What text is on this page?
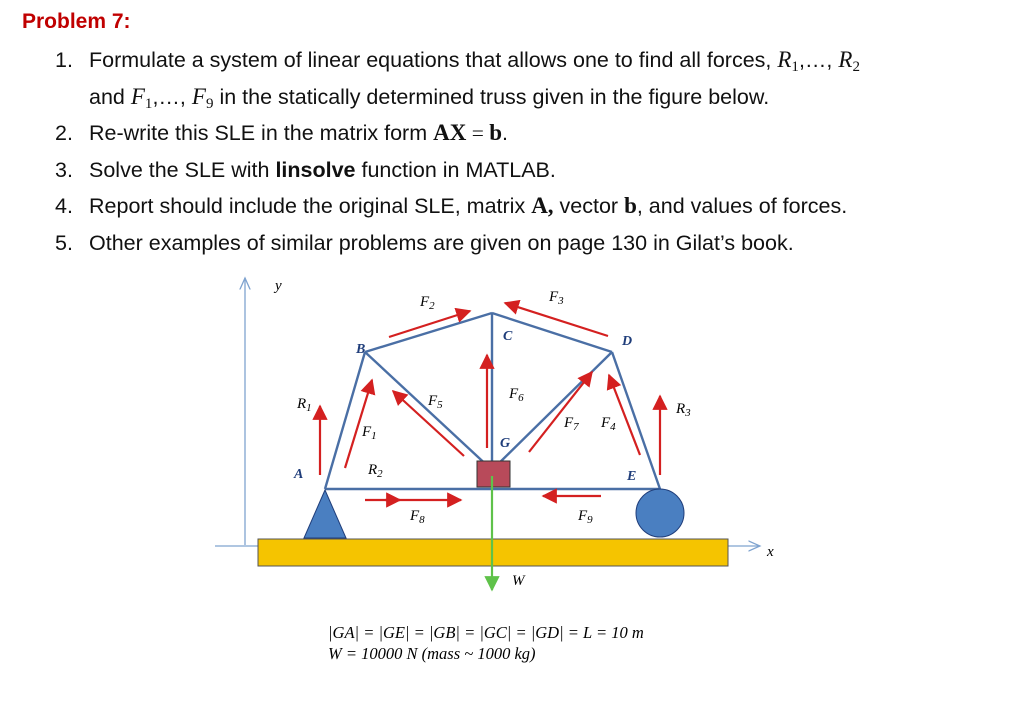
Problem 7:
1. Formulate a system of linear equations that allows one to find all forces, $R_1,\dots$, $R_2$
and $F_1,\dots$, $F_9$ in the statically determined truss given in the figure below.
2. Re-write this SLE in the matrix form AX = b.
3. Solve the SLE with linsolve function in MATLAB.
4. Report should include the original SLE, matrix A, vector b, and values of forces.
5. Other examples of similar problems are given on page 130 in Gilat’s book.
y
x
W
A
B
C	D
E
G
$R_1$
$R_2$
$R_3$
$F_1$
$F_2$
$F_3$
$F_4$
$F_5$
$F_6$
$F_7$
$F_8$	$F_9$
|GA| = |GE| = |GB| = |GC| = |GD| = L = 10 m
W = 10000 N (mass ~ 1000 kg)
